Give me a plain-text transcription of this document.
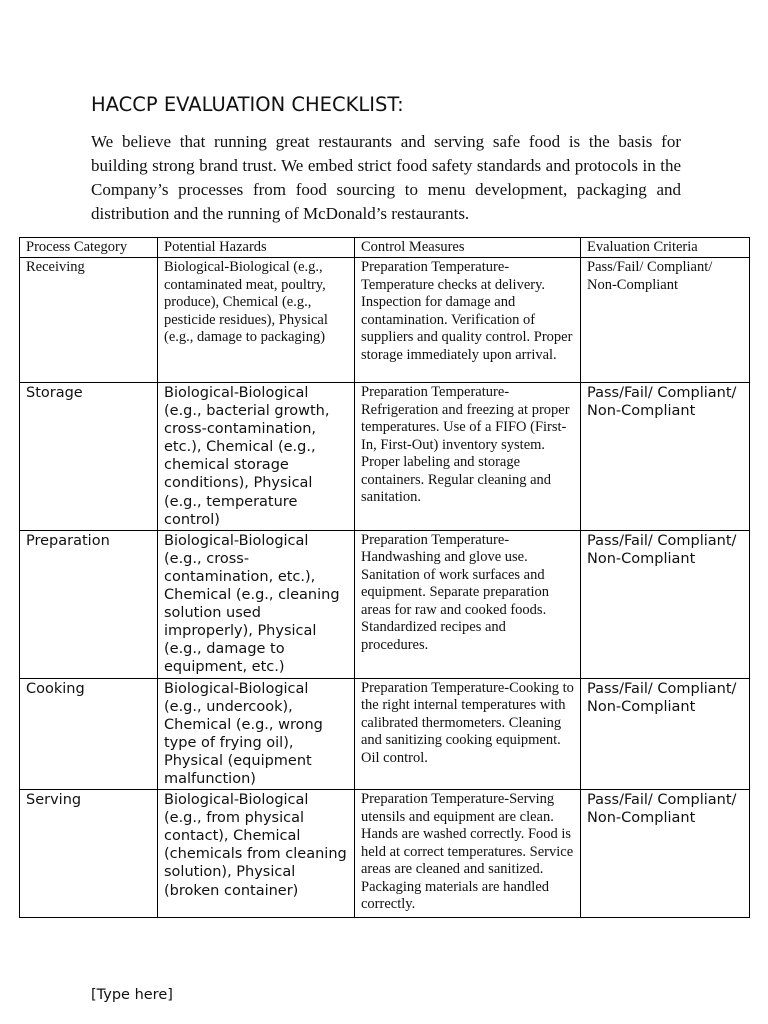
HACCP EVALUATION CHECKLIST:

We believe that running great restaurants and serving safe food is the basis for building strong brand trust. We embed strict food safety standards and protocols in the Company’s processes from food sourcing to menu development, packaging and distribution and the running of McDonald’s restaurants.

Process Category	Potential Hazards	Control Measures	Evaluation Criteria
Receiving	Biological-Biological (e.g., contaminated meat, poultry, produce), Chemical (e.g., pesticide residues), Physical (e.g., damage to packaging)	Preparation Temperature-Temperature checks at delivery. Inspection for damage and contamination. Verification of suppliers and quality control. Proper storage immediately upon arrival.	Pass/Fail/ Compliant/ Non-Compliant
Storage	Biological-Biological (e.g., bacterial growth, cross-contamination, etc.), Chemical (e.g., chemical storage conditions), Physical (e.g., temperature control)	Preparation Temperature-Refrigeration and freezing at proper temperatures. Use of a FIFO (First-In, First-Out) inventory system. Proper labeling and storage containers. Regular cleaning and sanitation.	Pass/Fail/ Compliant/ Non-Compliant
Preparation	Biological-Biological (e.g., cross-contamination, etc.), Chemical (e.g., cleaning solution used improperly), Physical (e.g., damage to equipment, etc.)	Preparation Temperature-Handwashing and glove use. Sanitation of work surfaces and equipment. Separate preparation areas for raw and cooked foods. Standardized recipes and procedures.	Pass/Fail/ Compliant/ Non-Compliant
Cooking	Biological-Biological (e.g., undercook), Chemical (e.g., wrong type of frying oil), Physical (equipment malfunction)	Preparation Temperature-Cooking to the right internal temperatures with calibrated thermometers. Cleaning and sanitizing cooking equipment. Oil control.	Pass/Fail/ Compliant/ Non-Compliant
Serving	Biological-Biological (e.g., from physical contact), Chemical (chemicals from cleaning solution), Physical (broken container)	Preparation Temperature-Serving utensils and equipment are clean. Hands are washed correctly. Food is held at correct temperatures. Service areas are cleaned and sanitized. Packaging materials are handled correctly.	Pass/Fail/ Compliant/ Non-Compliant
[Type here]
